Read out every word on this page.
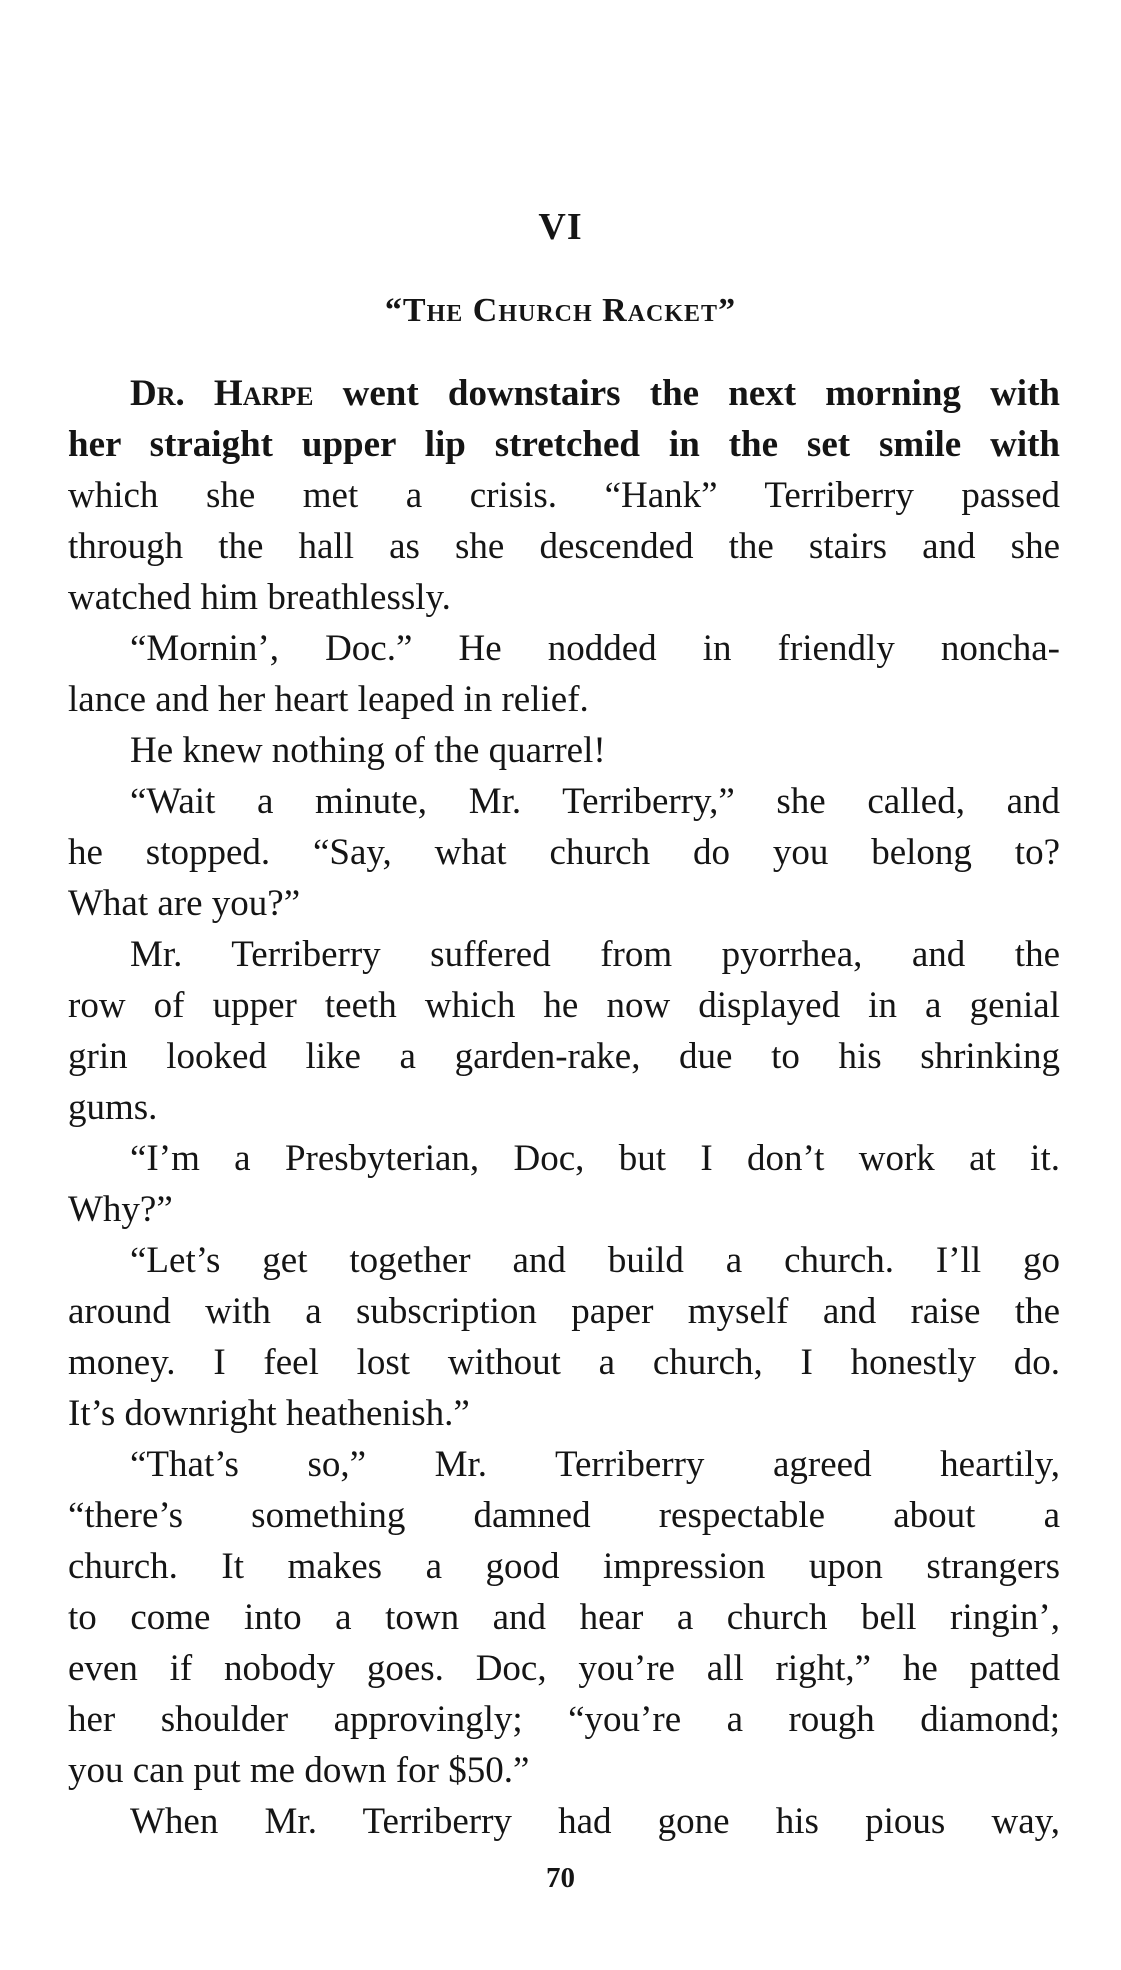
VI
“The Church Racket”
Dr. Harpe went downstairs the next morning with
her straight upper lip stretched in the set smile with
which she met a crisis. “Hank” Terriberry passed
through the hall as she descended the stairs and she
watched him breathlessly.
“Mornin’, Doc.” He nodded in friendly noncha-
lance and her heart leaped in relief.
He knew nothing of the quarrel!
“Wait a minute, Mr. Terriberry,” she called, and
he stopped. “Say, what church do you belong to?
What are you?”
Mr. Terriberry suffered from pyorrhea, and the
row of upper teeth which he now displayed in a genial
grin looked like a garden-rake, due to his shrinking
gums.
“I’m a Presbyterian, Doc, but I don’t work at it.
Why?”
“Let’s get together and build a church. I’ll go
around with a subscription paper myself and raise the
money. I feel lost without a church, I honestly do.
It’s downright heathenish.”
“That’s so,” Mr. Terriberry agreed heartily,
“there’s something damned respectable about a
church. It makes a good impression upon strangers
to come into a town and hear a church bell ringin’,
even if nobody goes. Doc, you’re all right,” he patted
her shoulder approvingly; “you’re a rough diamond;
you can put me down for $50.”
When Mr. Terriberry had gone his pious way,
70
